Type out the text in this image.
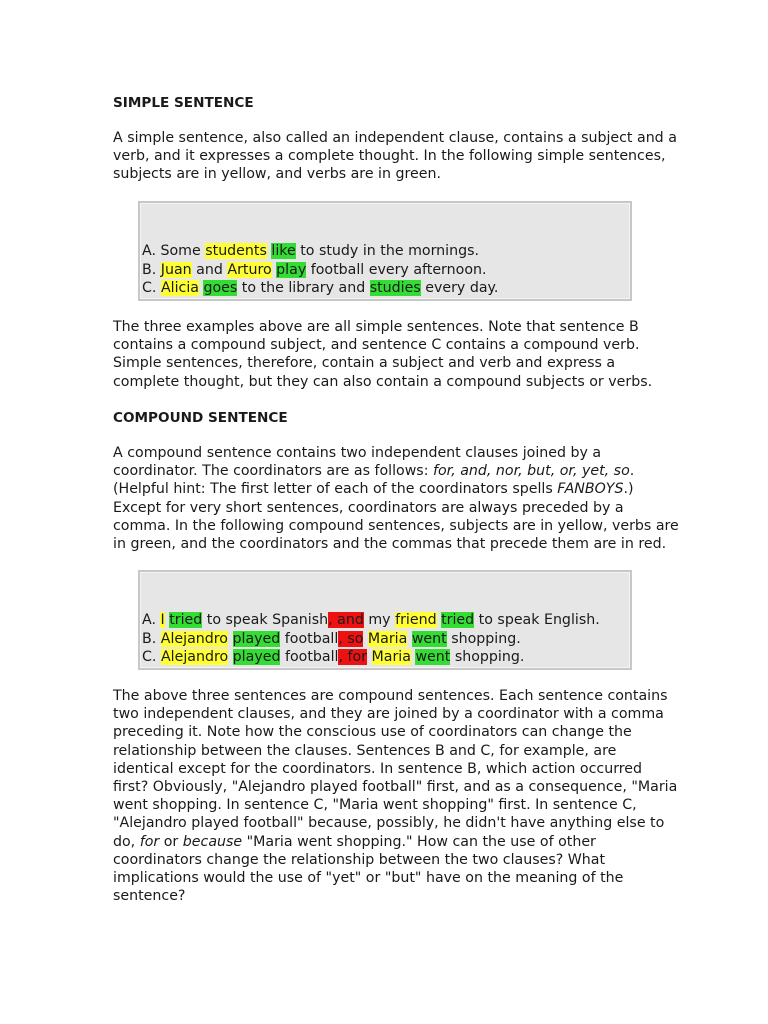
SIMPLE SENTENCE
A simple sentence, also called an independent clause, contains a subject and a
verb, and it expresses a complete thought. In the following simple sentences,
subjects are in yellow, and verbs are in green.
A. Some students like to study in the mornings.
B. Juan and Arturo play football every afternoon.
C. Alicia goes to the library and studies every day.
The three examples above are all simple sentences. Note that sentence B
contains a compound subject, and sentence C contains a compound verb.
Simple sentences, therefore, contain a subject and verb and express a
complete thought, but they can also contain a compound subjects or verbs.
COMPOUND SENTENCE
A compound sentence contains two independent clauses joined by a
coordinator. The coordinators are as follows: for, and, nor, but, or, yet, so.
(Helpful hint: The first letter of each of the coordinators spells FANBOYS.)
Except for very short sentences, coordinators are always preceded by a
comma. In the following compound sentences, subjects are in yellow, verbs are
in green, and the coordinators and the commas that precede them are in red.
A. I tried to speak Spanish, and my friend tried to speak English.
B. Alejandro played football, so Maria went shopping.
C. Alejandro played football, for Maria went shopping.
The above three sentences are compound sentences. Each sentence contains
two independent clauses, and they are joined by a coordinator with a comma
preceding it. Note how the conscious use of coordinators can change the
relationship between the clauses. Sentences B and C, for example, are
identical except for the coordinators. In sentence B, which action occurred
first? Obviously, "Alejandro played football" first, and as a consequence, "Maria
went shopping. In sentence C, "Maria went shopping" first. In sentence C,
"Alejandro played football" because, possibly, he didn't have anything else to
do, for or because "Maria went shopping." How can the use of other
coordinators change the relationship between the two clauses? What
implications would the use of "yet" or "but" have on the meaning of the
sentence?
